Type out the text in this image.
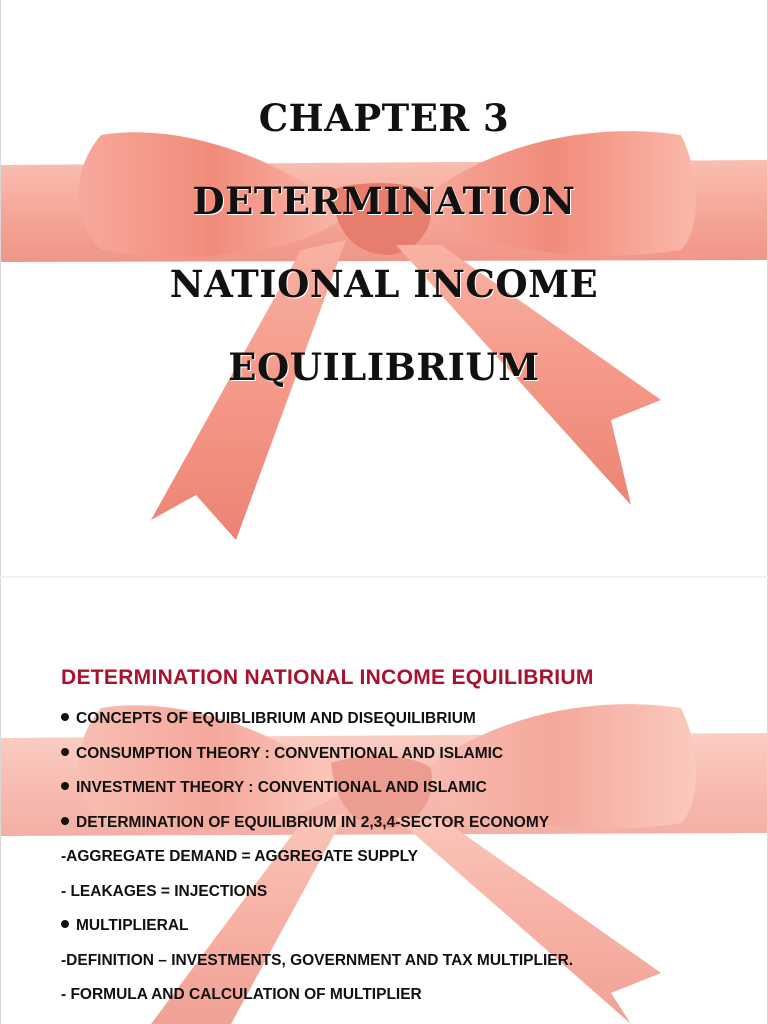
CHAPTER 3
DETERMINATION
NATIONAL INCOME
EQUILIBRIUM
DETERMINATION NATIONAL INCOME EQUILIBRIUM
CONCEPTS OF EQUIBLIBRIUM AND DISEQUILIBRIUM
CONSUMPTION THEORY : CONVENTIONAL AND ISLAMIC
INVESTMENT THEORY : CONVENTIONAL AND ISLAMIC
DETERMINATION OF EQUILIBRIUM IN 2,3,4-SECTOR ECONOMY
-AGGREGATE DEMAND = AGGREGATE SUPPLY
- LEAKAGES = INJECTIONS
MULTIPLIERAL
-DEFINITION – INVESTMENTS, GOVERNMENT AND TAX MULTIPLIER.
- FORMULA AND CALCULATION OF MULTIPLIER
